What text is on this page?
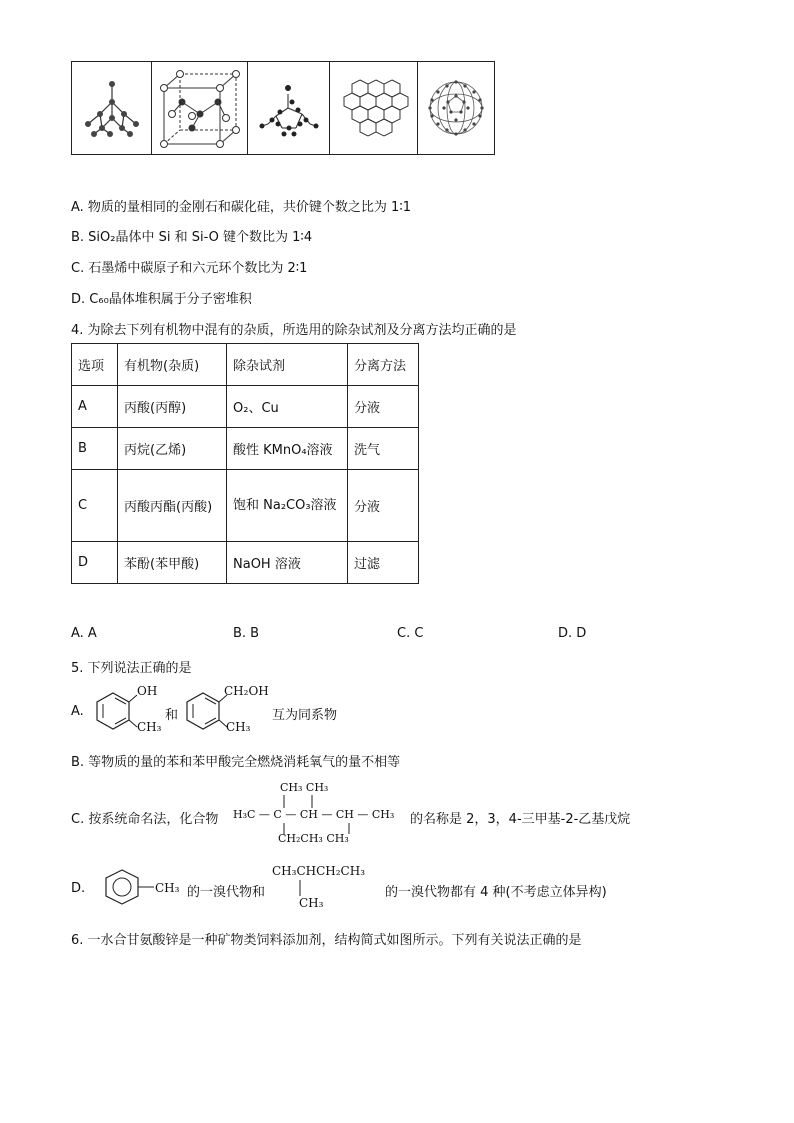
A. 物质的量相同的金刚石和碳化硅，共价键个数之比为 1∶1
B. SiO₂晶体中 Si 和 Si-O 键个数比为 1∶4
C. 石墨烯中碳原子和六元环个数比为 2∶1
D. C₆₀晶体堆积属于分子密堆积
4. 为除去下列有机物中混有的杂质，所选用的除杂试剂及分离方法均正确的是
选项	有机物(杂质)	除杂试剂	分离方法
A	丙酸(丙醇)	O₂、Cu	分液
B	丙烷(乙烯)	酸性 KMnO₄溶液	洗气
C	丙酸丙酯(丙酸)	饱和 Na₂CO₃溶液	分液
D	苯酚(苯甲酸)	NaOH 溶液	过滤
A. A	B. B	C. C	D. D
5. 下列说法正确的是
A.
OH
CH₃
和
CH₂OH
CH₃
互为同系物
B. 等物质的量的苯和苯甲酸完全燃烧消耗氧气的量不相等
C. 按系统命名法，化合物
CH₃ CH₃
H₃C — C — CH — CH — CH₃
CH₂CH₃ CH₃
的名称是 2，3，4-三甲基-2-乙基戊烷
D.	CH₃ 的一溴代物和
CH₃CHCH₂CH₃
CH₃
的一溴代物都有 4 种(不考虑立体异构)
6. 一水合甘氨酸锌是一种矿物类饲料添加剂，结构简式如图所示。下列有关说法正确的是
